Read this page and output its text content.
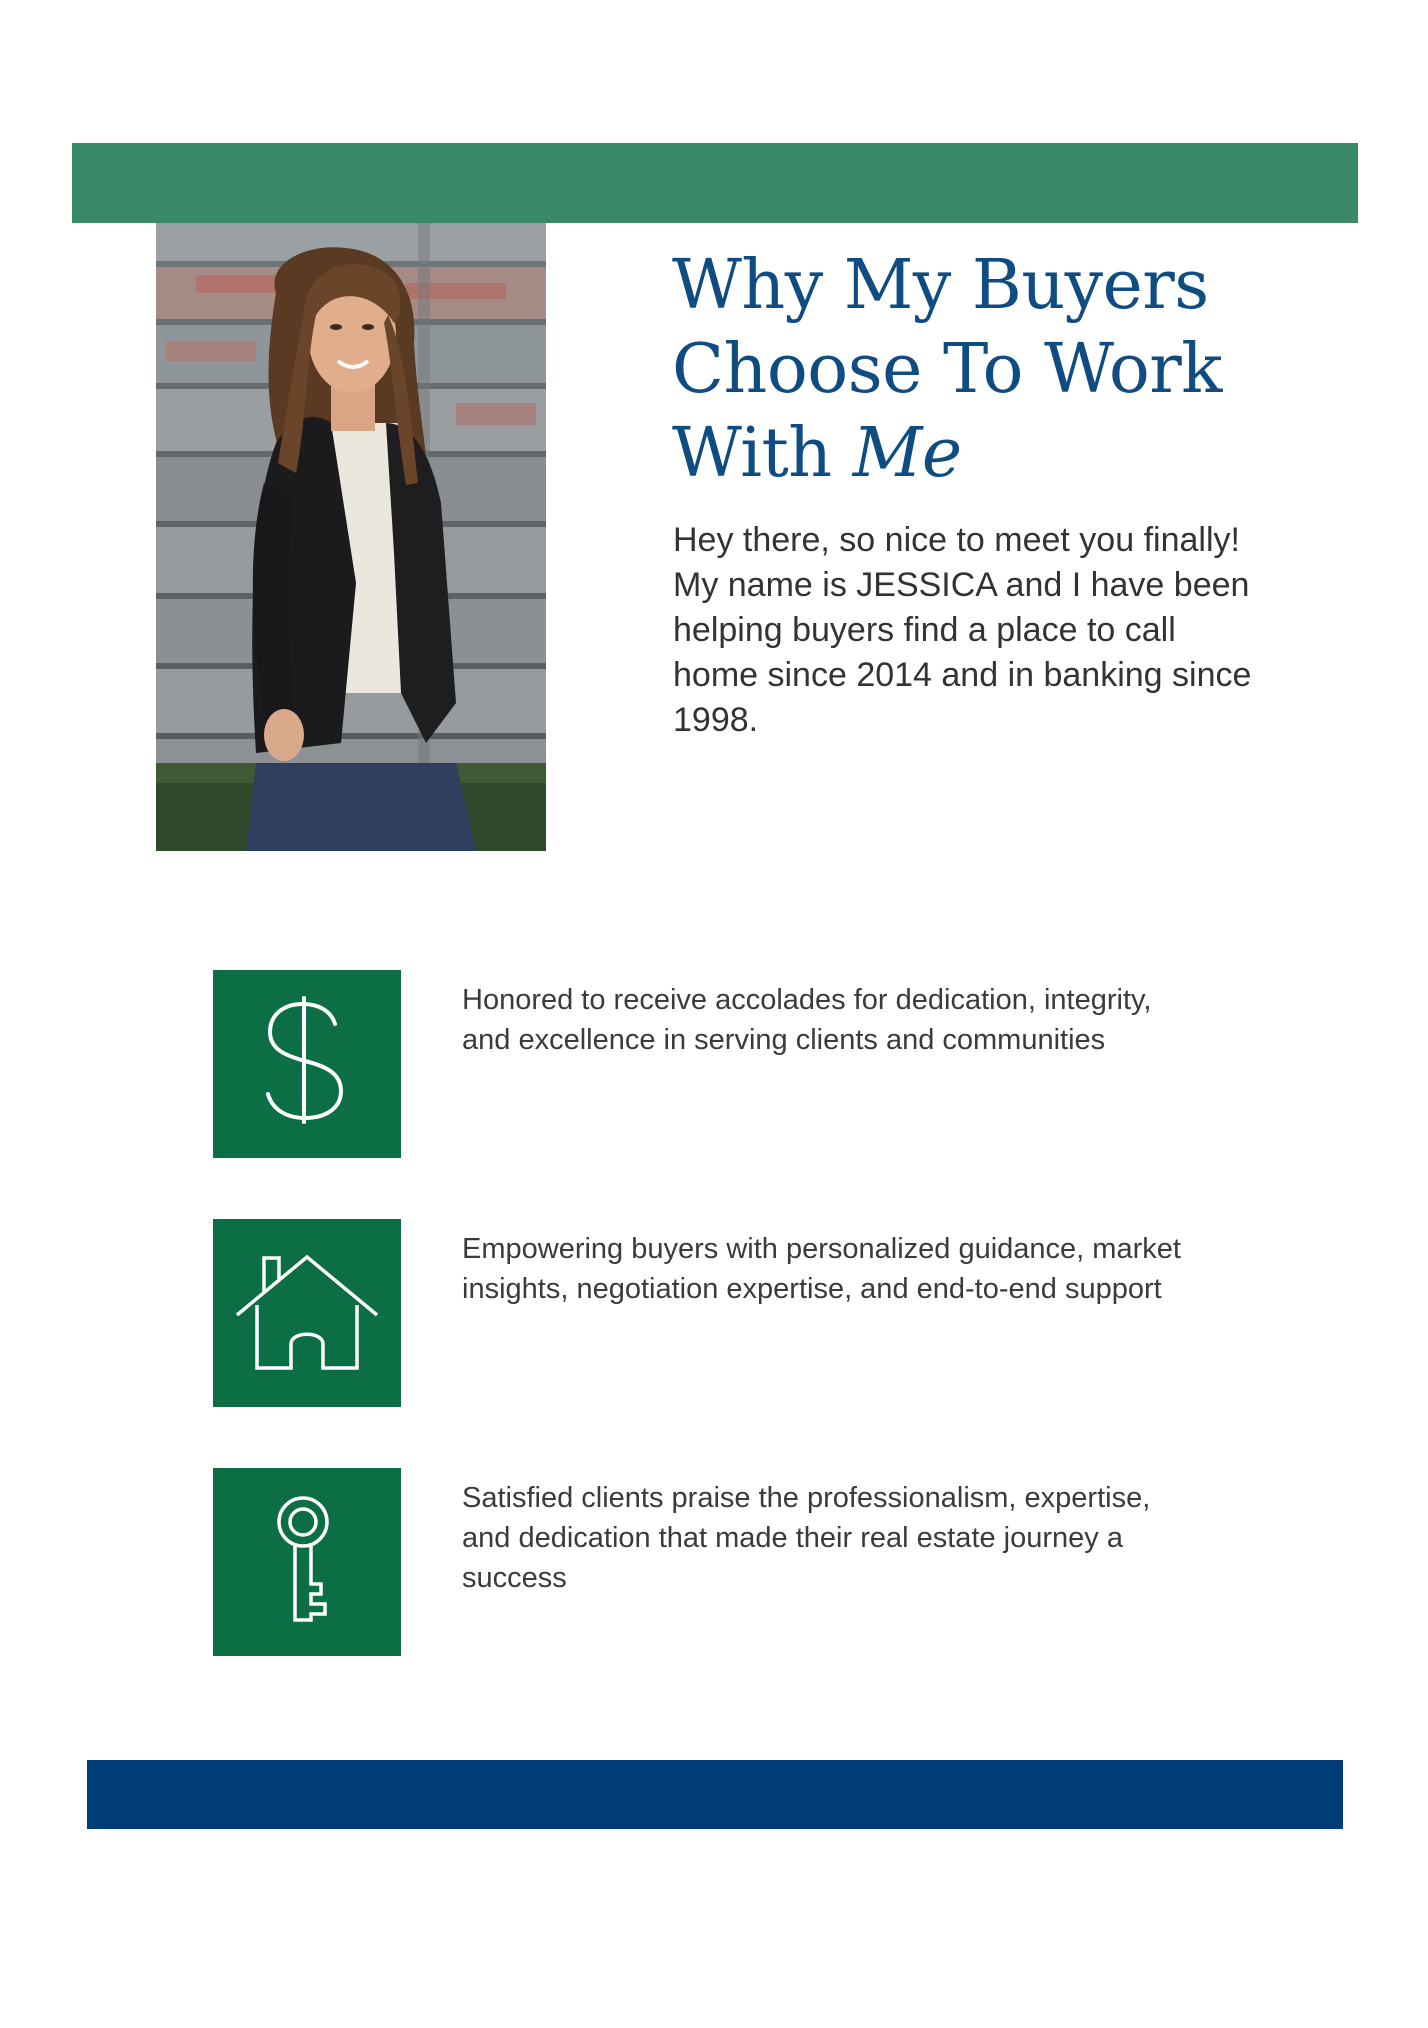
Why My Buyers
Choose To Work
With Me

Hey there, so nice to meet you finally! My name is JESSICA and I have been helping buyers find a place to call home since 2014 and in banking since 1998.

Honored to receive accolades for dedication, integrity, and excellence in serving clients and communities

Empowering buyers with personalized guidance, market insights, negotiation expertise, and end-to-end support

Satisfied clients praise the professionalism, expertise, and dedication that made their real estate journey a success
